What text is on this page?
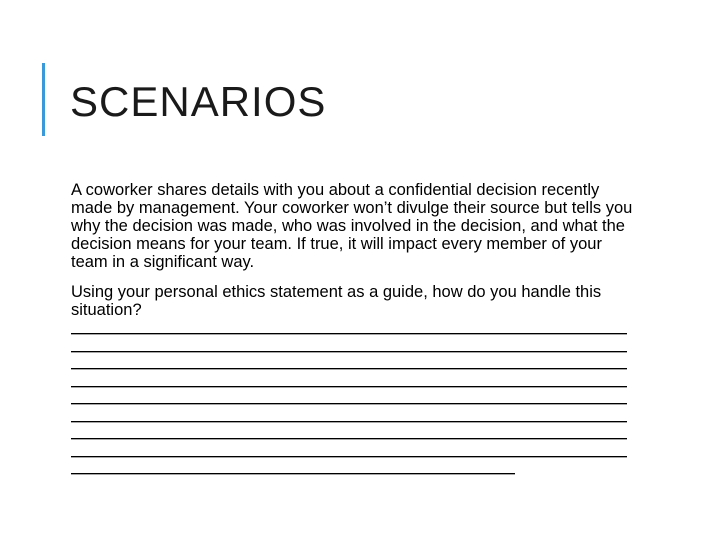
SCENARIOS

A coworker shares details with you about a confidential decision recently made by management. Your coworker won’t divulge their source but tells you why the decision was made, who was involved in the decision, and what the decision means for your team. If true, it will impact every member of your team in a significant way.

Using your personal ethics statement as a guide, how do you handle this situation?
